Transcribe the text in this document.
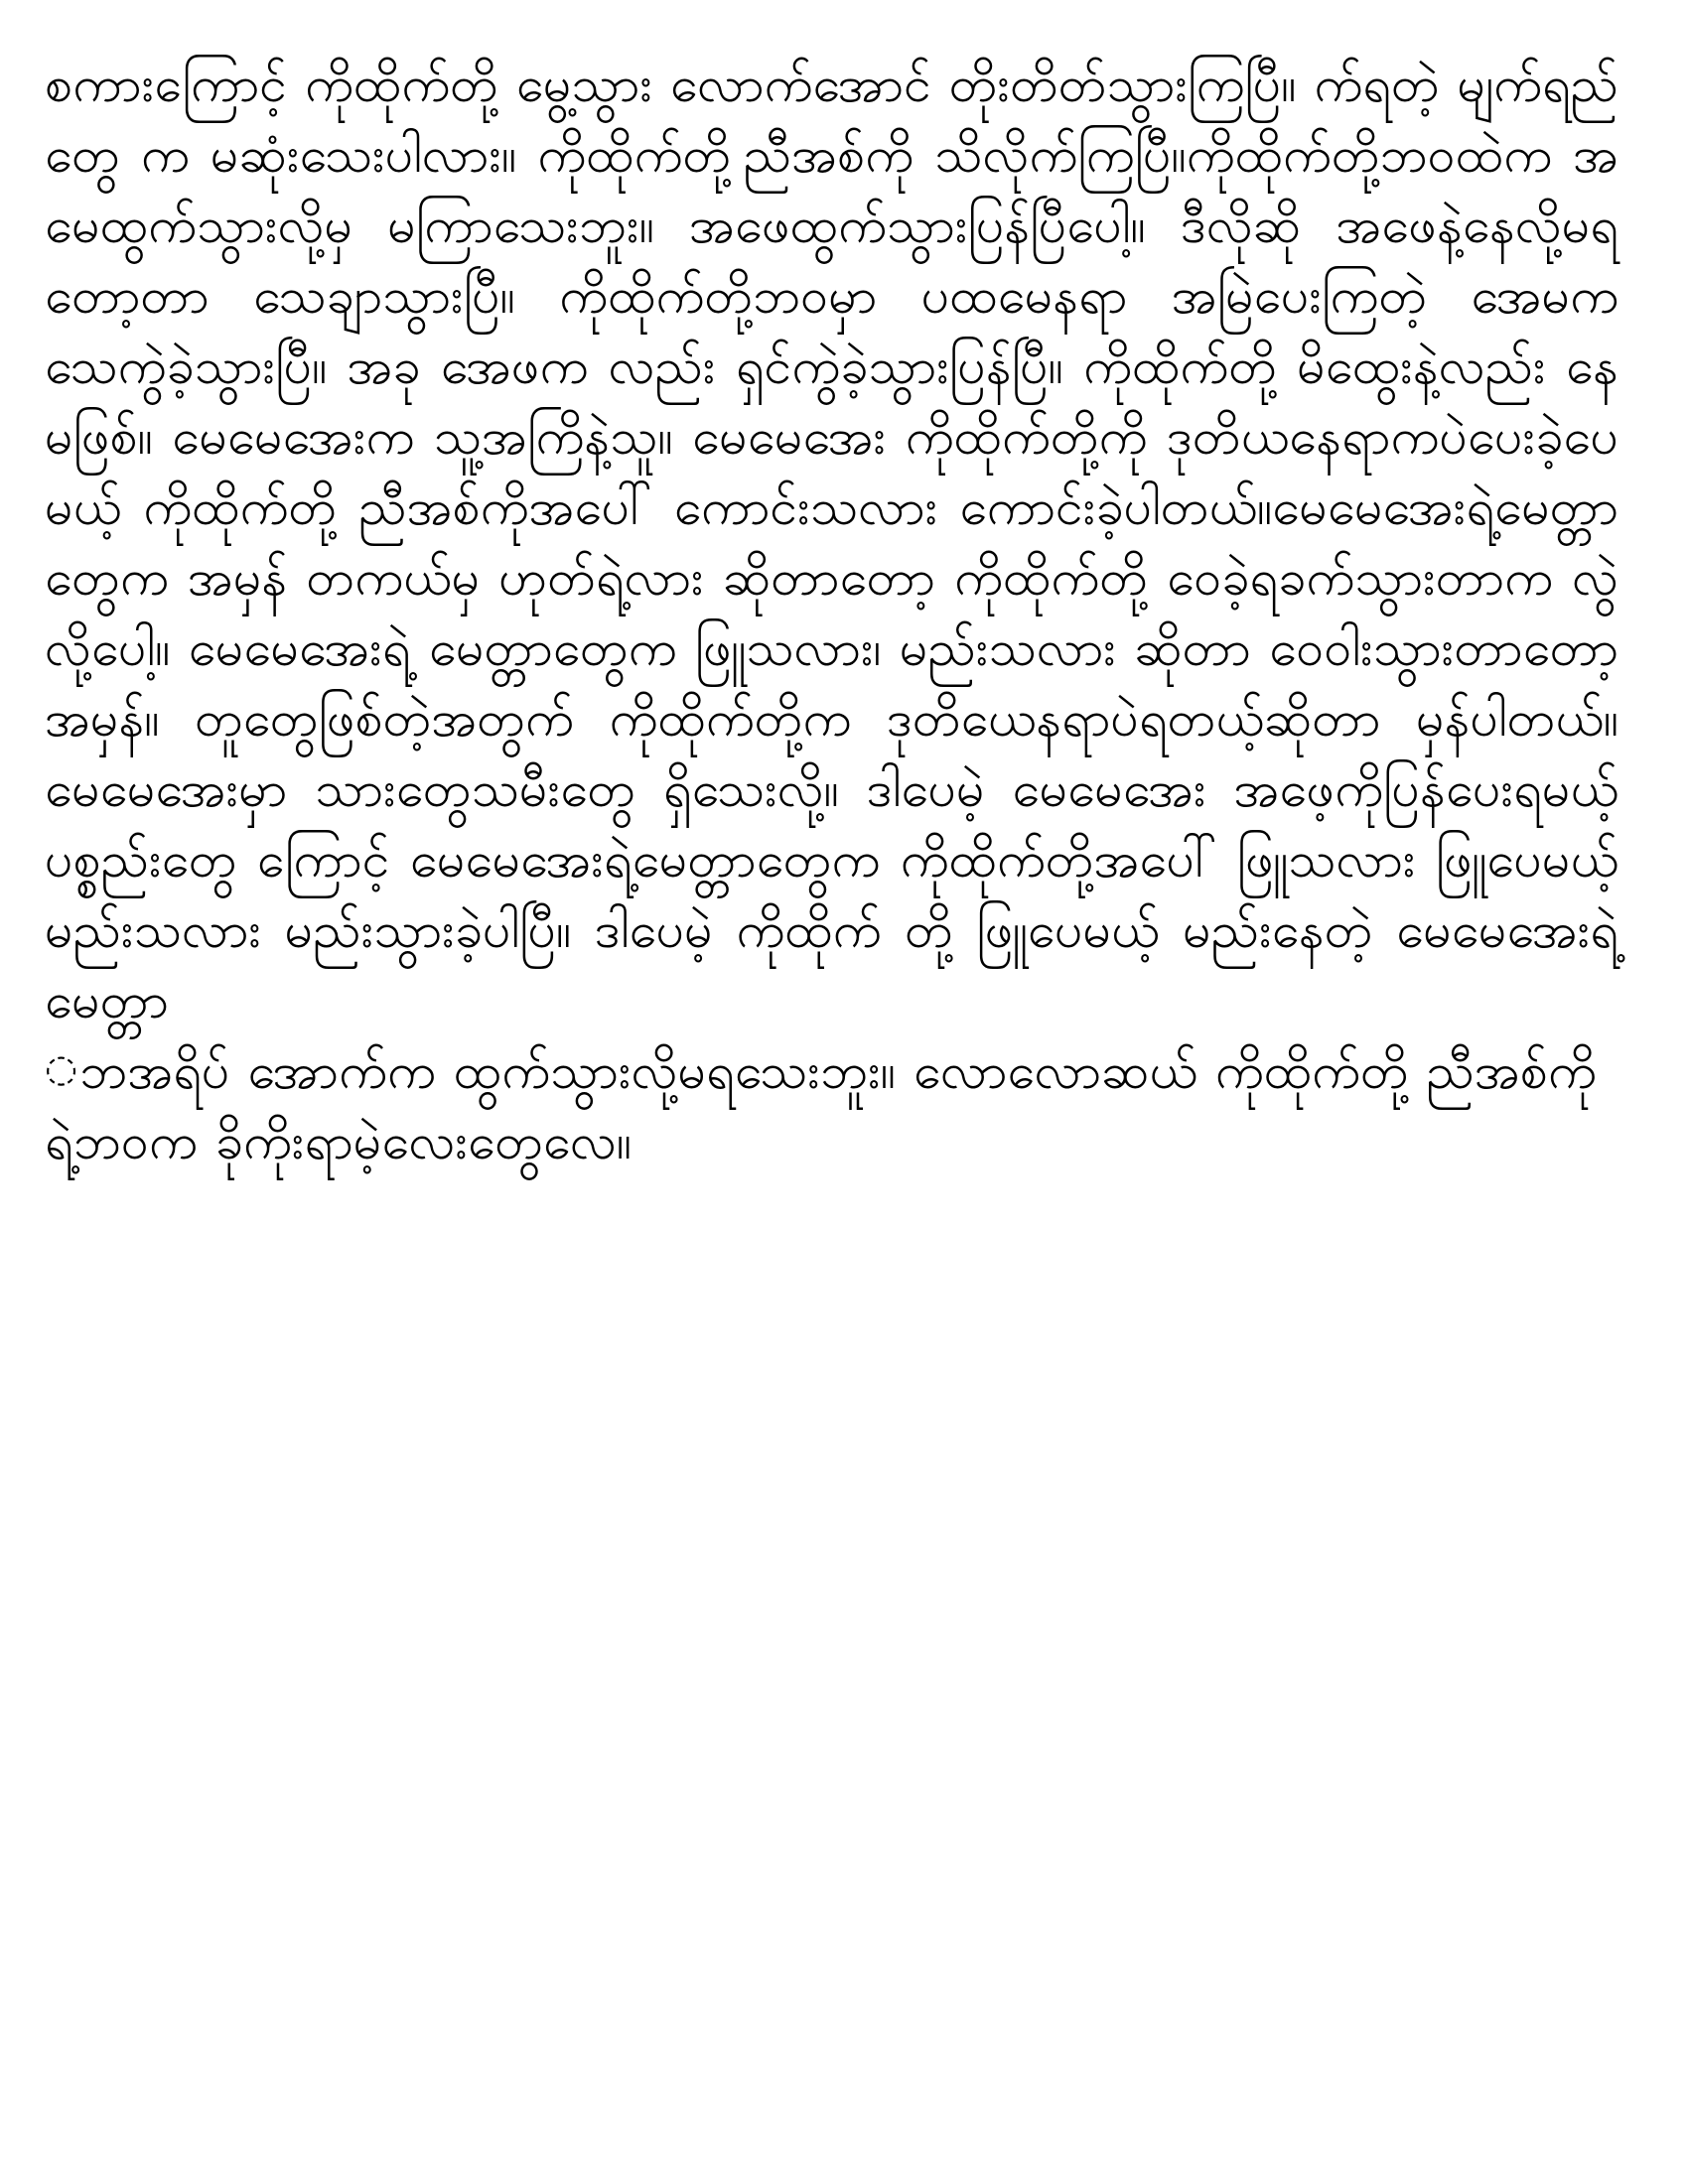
စကားကြောင့် ကိုထိုက်တို့ မွေ့သွား လောက်အောင် တိုးတိတ်သွားကြပြီ။ က်ရတဲ့ မျက်ရည်တွေ က မဆုံးသေးပါလား။ ကိုထိုက်တို့ညီအစ်ကို သိလိုက်ကြပြီ။ကိုထိုက်တို့ဘဝထဲက အမေထွက်သွားလို့မှ မကြာသေးဘူး။ အဖေထွက်သွားပြန်ပြီပေါ့။ ဒီလိုဆို အဖေနဲ့နေလို့မရ တော့တာ သေချာသွားပြီ။ ကိုထိုက်တို့ဘဝမှာ ပထမေနရာ အမြဲပေးကြတဲ့ အေမက သေကွဲခဲ့သွားပြီ။ အခု အေဖက လည်း ရှင်ကွဲခဲ့သွားပြန်ပြီ။ ကိုထိုက်တို့ မိထွေးနဲ့လည်း နေမဖြစ်။ မေမေအေးက သူ့အကြိနဲ့သူ။ မေမေအေး ကိုထိုက်တို့ကို ဒုတိယနေရာကပဲပေးခဲ့ပေမယ့် ကိုထိုက်တို့ ညီအစ်ကိုအပေါ် ကောင်းသလား ကောင်းခဲ့ပါတယ်။မေမေအေးရဲ့မေတ္တာတွေက အမှန် တကယ်မှ ဟုတ်ရဲ့လား ဆိုတာတော့ ကိုထိုက်တို့ ဝေခဲ့ရခက်သွားတာက လွဲလို့ပေါ့။ မေမေအေးရဲ့ မေတ္တာတွေက ဖြူသလား၊ မည်းသလား ဆိုတာ ဝေဝါးသွားတာတော့အမှန်။ တူတွေဖြစ်တဲ့အတွက် ကိုထိုက်တို့က ဒုတိယေနရာပဲရတယ့်ဆိုတာ မှန်ပါတယ်။ မေမေအေးမှာ သားတွေသမီးတွေ ရှိသေးလို့။ ဒါပေမဲ့ မေမေအေး အဖေ့ကိုပြန်ပေးရမယ့် ပစ္စည်းတွေ ကြောင့် မေမေအေးရဲ့မေတ္တာတွေက ကိုထိုက်တို့အပေါ် ဖြူသလား ဖြူပေမယ့် မည်းသလား မည်းသွားခဲ့ပါပြီ။ ဒါပေမဲ့ ကိုထိုက် တို့ ဖြူပေမယ့် မည်းနေတဲ့ မေမေအေးရဲ့ မေတ္တာ

◌ဘအရိပ် အောက်က ထွက်သွားလို့မရသေးဘူး။ လောလောဆယ် ကိုထိုက်တို့ ညီအစ်ကိုရဲ့ဘဝက ခိုကိုးရာမဲ့လေးတွေလေ။
